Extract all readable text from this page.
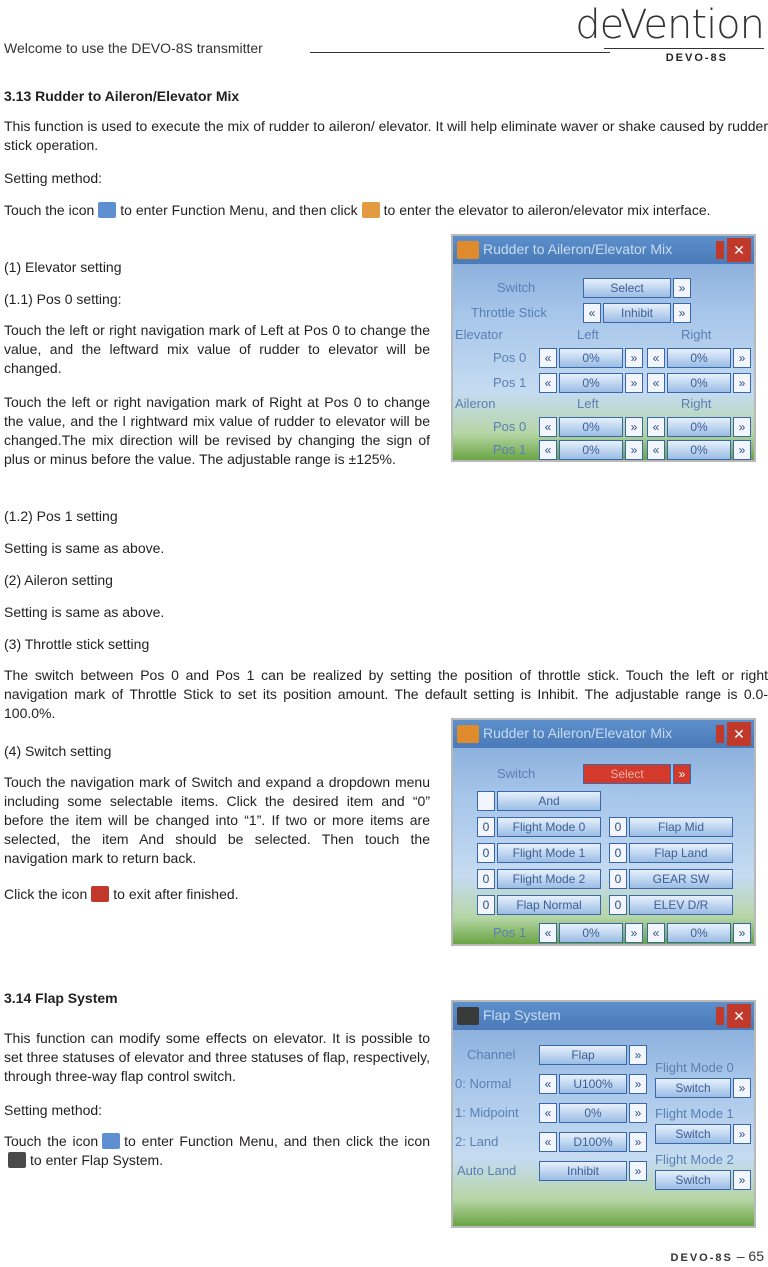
Welcome to use the DEVO-8S transmitter	deVention
DEVO-8S
3.13 Rudder to Aileron/Elevator Mix
This function is used to execute the mix of rudder to aileron/ elevator. It will help eliminate waver or shake caused by rudder stick operation.
Setting method:
Touch the icon to enter Function Menu, and then click to enter the elevator to aileron/elevator mix interface.
(1) Elevator setting
(1.1) Pos 0 setting:
Touch the left or right navigation mark of Left at Pos 0 to change the value, and the leftward mix value of rudder to elevator will be changed.
Touch the left or right navigation mark of Right at Pos 0 to change the value, and the l rightward mix value of rudder to elevator will be changed.The mix direction will be revised by changing the sign of plus or minus before the value. The adjustable range is ±125%.
(1.2) Pos 1 setting
Setting is same as above.
(2) Aileron setting
Setting is same as above.
(3) Throttle stick setting
The switch between Pos 0 and Pos 1 can be realized by setting the position of throttle stick. Touch the left or right navigation mark of Throttle Stick to set its position amount. The default setting is Inhibit. The adjustable range is 0.0-100.0%.
(4) Switch setting
Touch the navigation mark of Switch and expand a dropdown menu including some selectable items. Click the desired item and “0” before the item will be changed into “1”. If two or more items are selected, the item And should be selected. Then touch the navigation mark to return back.
Click the icon to exit after finished.
Rudder to Aileron/Elevator Mix	✕
Switch	Select	»
Throttle Stick	«	Inhibit	»
Elevator	Left	Right
Pos 0	«	0%	»	«	0%	»
Pos 1	«	0%	»	«	0%	»
Aileron	Left	Right
Pos 0	«	0%	»	«	0%	»
Pos 1	«	0%	»	«	0%	»
Rudder to Aileron/Elevator Mix	✕
Switch	Select	»
And
0	Flight Mode 0	0	Flap Mid
0	Flight Mode 1	0	Flap Land
0	Flight Mode 2	0	GEAR SW
0	Flap Normal	0	ELEV D/R
Pos 1	«	0%	»	«	0%	»
3.14 Flap System
This function can modify some effects on elevator. It is possible to set three statuses of elevator and three statuses of flap, respectively, through three-way flap control switch.
Setting method:
Touch the icon to enter Function Menu, and then click the iconto enter Flap System.
Flap System	✕
Channel	Flap	»
0: Normal	«	U100%	»
1: Midpoint	«	0%	»
2: Land	«	D100%	»
Auto Land	Inhibit	»
Flight Mode 0
Switch	»
Flight Mode 1
Switch	»
Flight Mode 2
Switch	»
DEVO-8S – 65
